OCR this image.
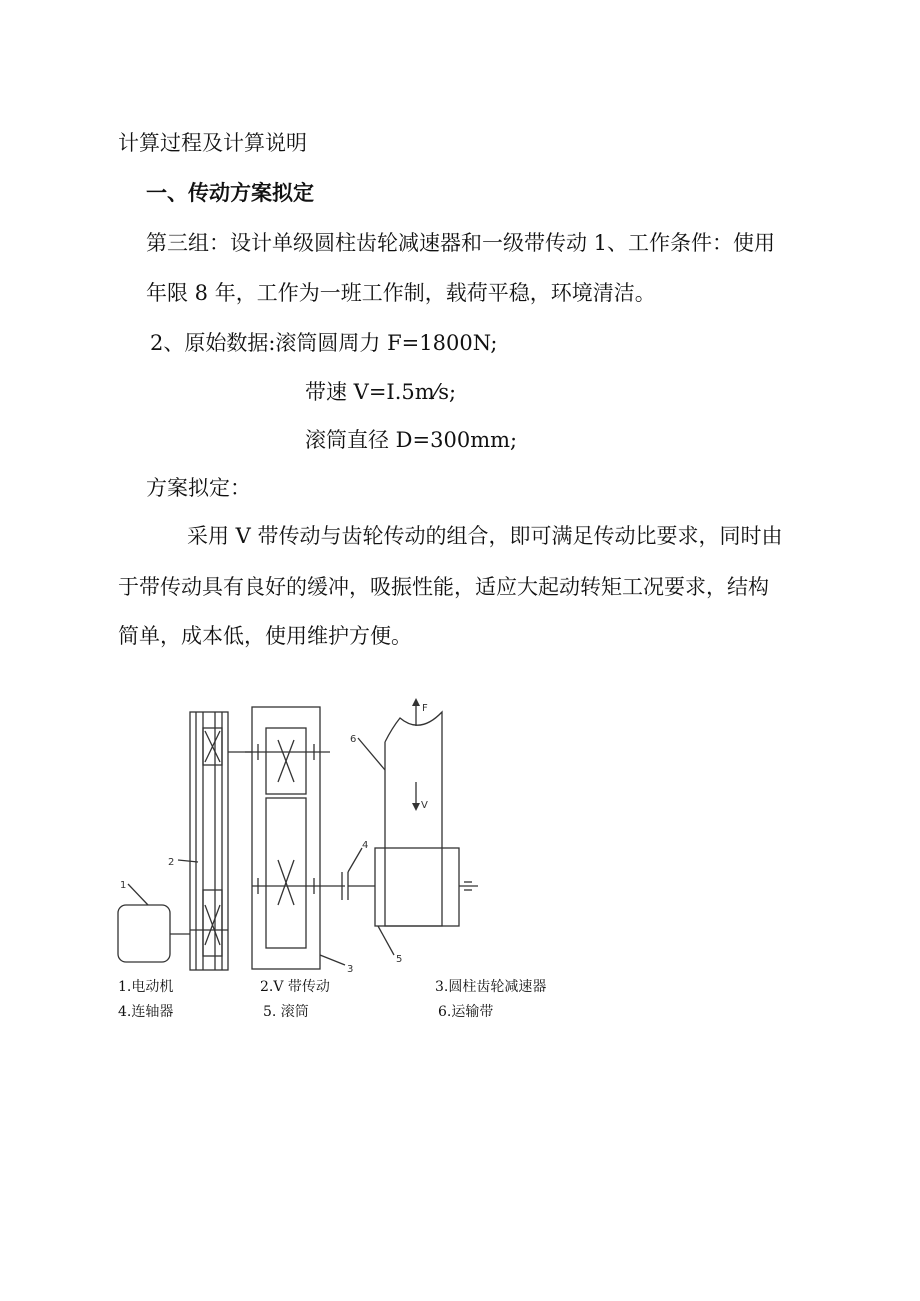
计算过程及计算说明
一、传动方案拟定
第三组：设计单级圆柱齿轮减速器和一级带传动 1、工作条件：使用
年限 8 年，工作为一班工作制，载荷平稳，环境清洁。
2、原始数据:滚筒圆周力 F=1800N;
带速 V=I.5m⁄s;
滚筒直径 D=300mm;
方案拟定：
采用 V 带传动与齿轮传动的组合，即可满足传动比要求，同时由
于带传动具有良好的缓冲，吸振性能，适应大起动转矩工况要求，结构
简单，成本低，使用维护方便。
1
2
3
4
5
6
F
V
1.电动机	2.V 带传动	3.圆柱齿轮减速器
4.连轴器	5. 滚筒	6.运输带
